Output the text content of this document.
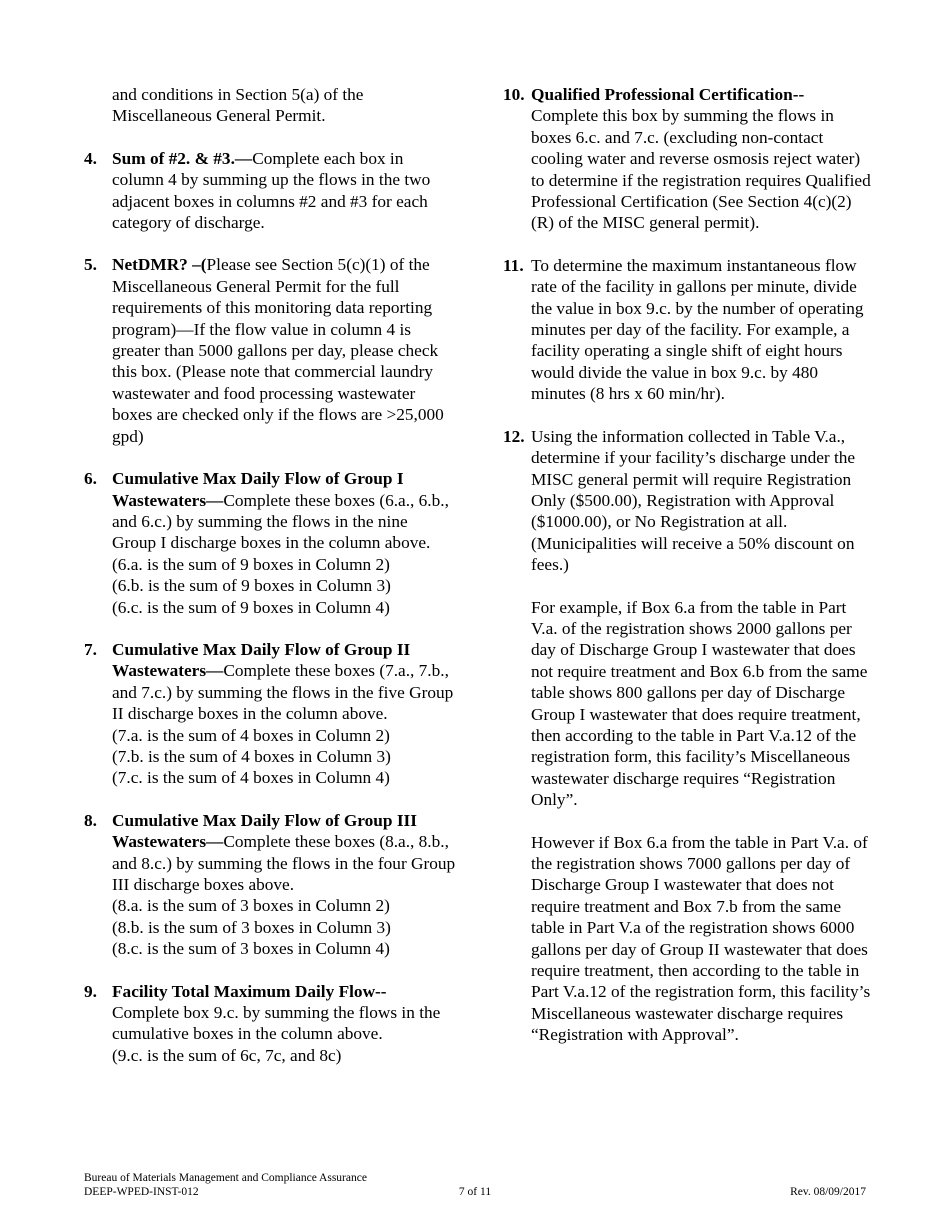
and conditions in Section 5(a) of the Miscellaneous General Permit.
4. Sum of #2. & #3.—Complete each box in column 4 by summing up the flows in the two adjacent boxes in columns #2 and #3 for each category of discharge.

5. NetDMR? –(Please see Section 5(c)(1) of the Miscellaneous General Permit for the full requirements of this monitoring data reporting program)—If the flow value in column 4 is greater than 5000 gallons per day, please check this box. (Please note that commercial laundry wastewater and food processing wastewater boxes are checked only if the flows are >25,000 gpd)

6. Cumulative Max Daily Flow of Group I Wastewaters—Complete these boxes (6.a., 6.b., and 6.c.) by summing the flows in the nine Group I discharge boxes in the column above.

(6.a. is the sum of 9 boxes in Column 2)

(6.b. is the sum of 9 boxes in Column 3)

(6.c. is the sum of 9 boxes in Column 4)

7. Cumulative Max Daily Flow of Group II Wastewaters—Complete these boxes (7.a., 7.b., and 7.c.) by summing the flows in the five Group II discharge boxes in the column above.

(7.a. is the sum of 4 boxes in Column 2)

(7.b. is the sum of 4 boxes in Column 3)

(7.c. is the sum of 4 boxes in Column 4)

8. Cumulative Max Daily Flow of Group III Wastewaters—Complete these boxes (8.a., 8.b., and 8.c.) by summing the flows in the four Group III discharge boxes above.

(8.a. is the sum of 3 boxes in Column 2)

(8.b. is the sum of 3 boxes in Column 3)

(8.c. is the sum of 3 boxes in Column 4)

9. Facility Total Maximum Daily Flow--

Complete box 9.c. by summing the flows in the cumulative boxes in the column above.

(9.c. is the sum of 6c, 7c, and 8c)

10. Qualified Professional Certification--

Complete this box by summing the flows in boxes 6.c. and 7.c. (excluding non-contact cooling water and reverse osmosis reject water) to determine if the registration requires Qualified Professional Certification (See Section 4(c)(2)(R) of the MISC general permit).

11. To determine the maximum instantaneous flow rate of the facility in gallons per minute, divide the value in box 9.c. by the number of operating minutes per day of the facility. For example, a facility operating a single shift of eight hours would divide the value in box 9.c. by 480 minutes (8 hrs x 60 min/hr).

12. Using the information collected in Table V.a., determine if your facility’s discharge under the MISC general permit will require Registration Only ($500.00), Registration with Approval ($1000.00), or No Registration at all. (Municipalities will receive a 50% discount on fees.)

For example, if Box 6.a from the table in Part V.a. of the registration shows 2000 gallons per day of Discharge Group I wastewater that does not require treatment and Box 6.b from the same table shows 800 gallons per day of Discharge Group I wastewater that does require treatment, then according to the table in Part V.a.12 of the registration form, this facility’s Miscellaneous wastewater discharge requires “Registration Only”.

However if Box 6.a from the table in Part V.a. of the registration shows 7000 gallons per day of Discharge Group I wastewater that does not require treatment and Box 7.b from the same table in Part V.a of the registration shows 6000 gallons per day of Group II wastewater that does require treatment, then according to the table in Part V.a.12 of the registration form, this facility’s Miscellaneous wastewater discharge requires “Registration with Approval”.

Bureau of Materials Management and Compliance Assurance
DEEP-WPED-INST-012	7 of 11	Rev. 08/09/2017
